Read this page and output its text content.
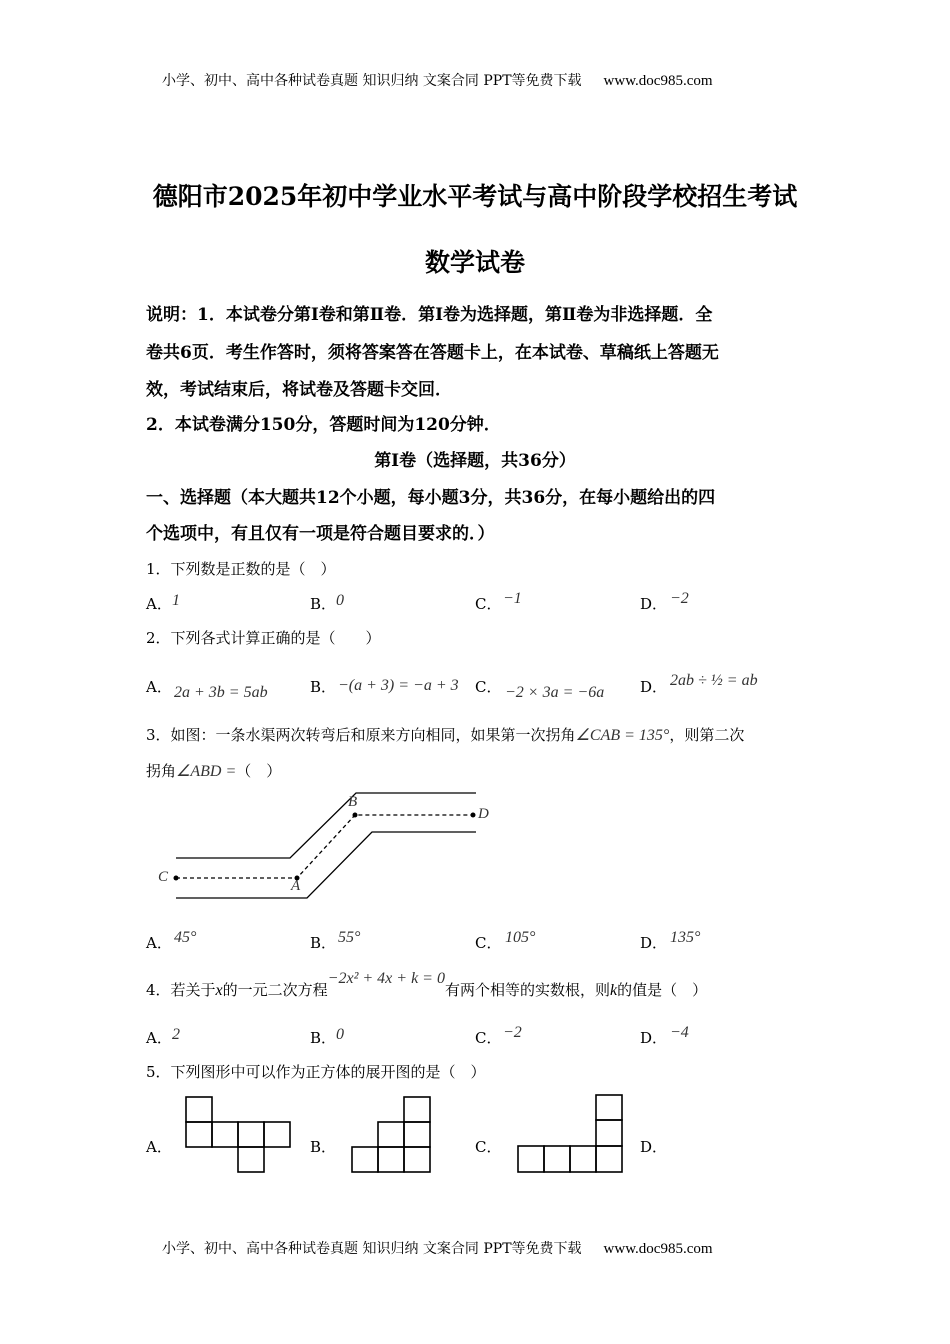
小学、初中、高中各种试卷真题 知识归纳 文案合同 PPT等免费下载 www.doc985.com
德阳市2025年初中学业水平考试与高中阶段学校招生考试
数学试卷
说明：1．本试卷分第Ⅰ卷和第Ⅱ卷．第Ⅰ卷为选择题，第Ⅱ卷为非选择题．全
卷共6页．考生作答时，须将答案答在答题卡上，在本试卷、草稿纸上答题无
效，考试结束后，将试卷及答题卡交回．
2．本试卷满分150分，答题时间为120分钟．
第Ⅰ卷（选择题，共36分）
一、选择题（本大题共12个小题，每小题3分，共36分，在每小题给出的四
个选项中，有且仅有一项是符合题目要求的．）
1．下列数是正数的是（　）
A． 1	B． 0	C． −1	D． −2
2．下列各式计算正确的是（　　）
A． 2a + 3b = 5ab	B． −(a + 3) = −a + 3 C． −2 × 3a = −6a D． 2ab ÷ ½ = ab
3．如图：一条水渠两次转弯后和原来方向相同，如果第一次拐角∠CAB = 135°，则第二次
拐角∠ABD =（　）
B
D
C
A
A． 45°	B． 55°	C． 105°	D． 135°
4．若关于x的一元二次方程−2x² + 4x + k = 0有两个相等的实数根，则k的值是（　）
A． 2	B． 0	C． −2	D． −4
5．下列图形中可以作为正方体的展开图的是（　）
A．	B．	C．	D．
小学、初中、高中各种试卷真题 知识归纳 文案合同 PPT等免费下载 www.doc985.com
